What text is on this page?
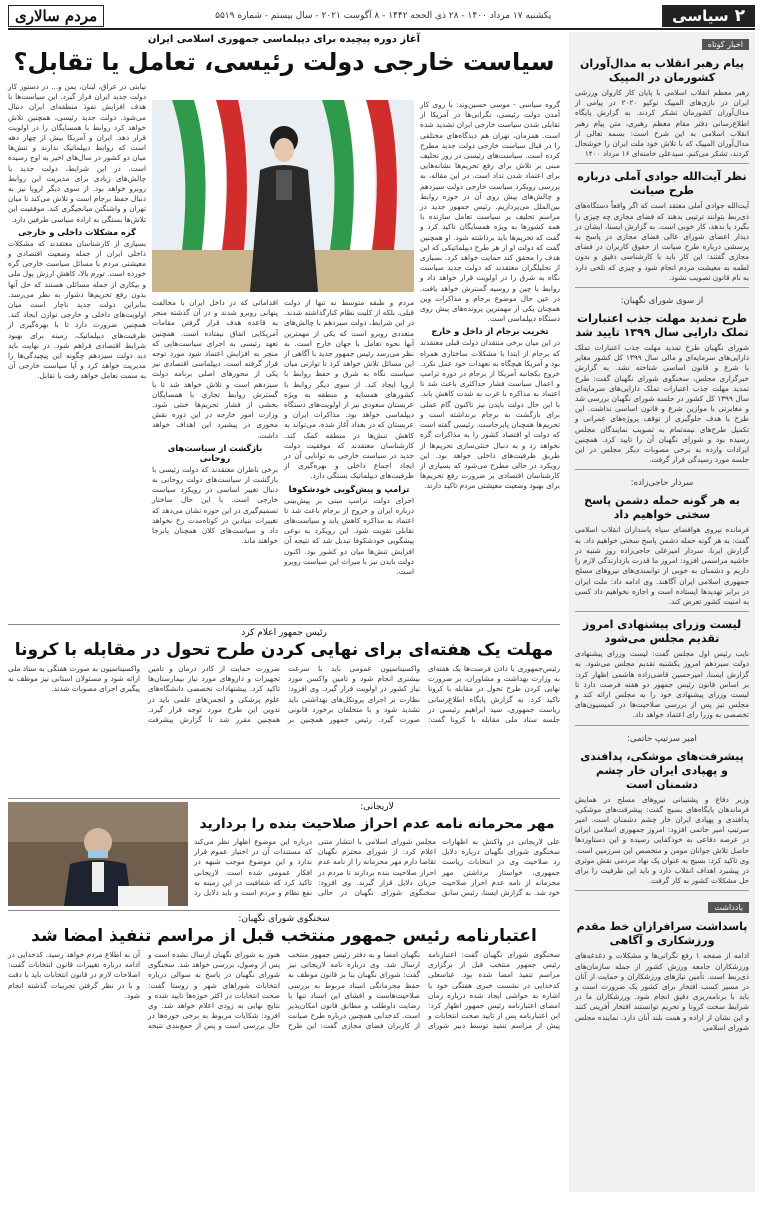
۲
سیاسی
یکشنبه ۱۷ مرداد ۱۴۰۰ - ۲۸ ذی الحجه ۱۴۴۲ - ۸ آگوست ۲۰۲۱ - سال بیستم - شماره ۵۵۱۹
مردم سالاری
اخبار کوتاه
پیام رهبر انقلاب به مدال‌آوران کشورمان در المپیک

رهبر معظم انقلاب اسلامی با پایان کار کاروان ورزشی ایران در بازی‌های المپیک توکیو ۲۰۲۰ در پیامی از مدال‌آوران کشورمان تشکر کردند. به گزارش پایگاه اطلاع‌رسانی دفتر مقام معظم رهبری، متن پیام رهبر انقلاب اسلامی به این شرح است: بسمه تعالی از مدال‌آوران المپیک که با تلاش خود ملت ایران را خوشحال کردند، تشکر می‌کنم. سیدعلی خامنه‌ای ۱۶ مرداد ۱۴۰۰

نظر آیت‌الله جوادی آملی درباره طرح صیانت

آیت‌الله جوادی آملی معتقد است که اگر واقعاً دستگاه‌های ذی‌ربط بتوانند ترتیبی بدهند که فضای مجازی چه چیزی را بگیرد یا ندهد، کار خوبی است. به گزارش ایسنا، ایشان در دیدار اعضای شورای عالی فضای مجازی در پاسخ به پرسشی درباره طرح صیانت از حقوق کاربران در فضای مجازی گفتند: این کار باید با کارشناسی دقیق و بدون لطمه به معیشت مردم انجام شود و چیزی که تلخی دارد به نام قانون تصویب نشود.

از سوی شورای نگهبان:
طرح تمدید مهلت جذب اعتبارات تملک دارایی سال ۱۳۹۹ تایید شد

شورای نگهبان طرح تمدید مهلت جذب اعتبارات تملک دارایی‌های سرمایه‌ای و مالی سال ۱۳۹۹ کل کشور مغایر با شرع و قانون اساسی شناخته نشد. به گزارش خبرگزاری مجلس، سخنگوی شورای نگهبان گفت: طرح تمدید مهلت جذب اعتبارات تملک دارایی‌های سرمایه‌ای سال ۱۳۹۹ کل کشور در جلسه شورای نگهبان بررسی شد و مغایرتی با موازین شرع و قانون اساسی نداشت. این طرح با هدف جلوگیری از توقف پروژه‌های عمرانی و تکمیل طرح‌های نیمه‌تمام به تصویب نمایندگان مجلس رسیده بود و شورای نگهبان آن را تایید کرد. همچنین ایرادات وارده به برخی مصوبات دیگر مجلس در این جلسه مورد رسیدگی قرار گرفت.

سردار حاجی‌زاده:
به هر گونه حمله دشمن پاسخ سختی خواهیم داد

فرمانده نیروی هوافضای سپاه پاسداران انقلاب اسلامی گفت: به هر گونه حمله دشمن پاسخ سختی خواهیم داد. به گزارش ایرنا، سردار امیرعلی حاجی‌زاده روز شنبه در حاشیه مراسمی افزود: امروز ما قدرت بازدارندگی لازم را داریم و دشمنان به خوبی از توانمندی‌های نیروهای مسلح جمهوری اسلامی ایران آگاهند. وی ادامه داد: ملت ایران در برابر تهدیدها ایستاده است و اجازه نخواهیم داد کسی به امنیت کشور تعرض کند.

لیست وزرای پیشنهادی امروز تقدیم مجلس می‌شود

نایب رئیس اول مجلس گفت: لیست وزرای پیشنهادی دولت سیزدهم امروز یکشنبه تقدیم مجلس می‌شود. به گزارش ایسنا، امیرحسین قاضی‌زاده هاشمی اظهار کرد: بر اساس قانون رئیس جمهور دو هفته فرصت دارد تا لیست وزرای پیشنهادی خود را به مجلس ارائه کند و مجلس نیز پس از بررسی صلاحیت‌ها در کمیسیون‌های تخصصی به وزرا رای اعتماد خواهد داد.

امیر سرتیپ حاتمی:
پیشرفت‌های موشکی، پدافندی و پهپادی ایران خار چشم دشمنان است

وزیر دفاع و پشتیبانی نیروهای مسلح در همایش فرماندهان پایگاه‌های بسیج گفت: پیشرفت‌های موشکی، پدافندی و پهپادی ایران خار چشم دشمنان است. امیر سرتیپ امیر حاتمی افزود: امروز جمهوری اسلامی ایران در عرصه دفاعی به خودکفایی رسیده و این دستاوردها حاصل تلاش جوانان مومن و متخصص این سرزمین است. وی تاکید کرد: بسیج به عنوان یک نهاد مردمی نقش موثری در پیشبرد اهداف انقلاب دارد و باید این ظرفیت را برای حل مشکلات کشور به کار گرفت.

یادداشت
پاسداشت سرافرازان خط مقدم ورزشکاری و آگاهی

ادامه از صفحه ۱ رفع نگرانی‌ها و مشکلات و دغدغه‌های ورزشکاران جامعه ورزش کشور از جمله سازمان‌های ذی‌ربط است. تأمین نیازهای ورزشکاران و حمایت از آنان در مسیر کسب افتخار برای کشور یک ضرورت است و باید با برنامه‌ریزی دقیق انجام شود. ورزشکاران ما در شرایط سخت کرونا و تحریم توانستند افتخار آفرینی کنند و این نشان از اراده و همت بلند آنان دارد. نماینده مجلس شورای اسلامی

آغاز دوره پیچیده برای دیپلماسی جمهوری اسلامی ایران
سیاست خارجی دولت رئیسی، تعامل یا تقابل؟

گروه سیاسی - موسی حسین‌وند: با روی کار آمدن دولت رئیسی، نگرانی‌ها در آمریکا از تقابلی شدن سیاست خارجی ایران تشدید شده است. همزمان، تهران هم دیدگاه‌های مختلفی را در قبال سیاست خارجی دولت جدید مطرح کرده است. سیاست‌های رئیسی در روز تحلیف مبنی بر تلاش برای رفع تحریم‌ها نشانه‌هایی برای اعتماد شدن تداد است. در این مقاله، به بررسی رویکرد سیاست خارجی دولت سیزدهم و چالش‌های پیش روی آن در حوزه روابط بین‌الملل می‌پردازیم. رئیس جمهور جدید در مراسم تحلیف بر سیاست تعامل سازنده با همه کشورها به ویژه همسایگان تاکید کرد و گفت که تحریم‌ها باید برداشته شود. او همچنین گفت که دولت او از هر طرح دیپلماتیکی که این هدف را محقق کند حمایت خواهد کرد. بسیاری از تحلیلگران معتقدند که دولت جدید سیاست نگاه به شرق را در اولویت قرار خواهد داد و روابط با چین و روسیه گسترش خواهد یافت. در عین حال موضوع برجام و مذاکرات وین همچنان یکی از مهمترین پرونده‌های پیش روی دستگاه دیپلماسی است.

تخریب برجام از داخل و خارج

در این میان برخی منتقدان دولت قبلی معتقدند که برجام از ابتدا با مشکلات ساختاری همراه بود و آمریکا هیچگاه به تعهدات خود عمل نکرد. خروج یکجانبه آمریکا از برجام در دوره ترامپ و اعمال سیاست فشار حداکثری باعث شد تا اعتماد به مذاکره با غرب به شدت کاهش یابد. با این حال دولت بایدن نیز تاکنون گام عملی برای بازگشت به برجام برنداشته است و تحریم‌ها همچنان پابرجاست. رئیسی گفته است که دولت او اقتصاد کشور را به مذاکرات گره نخواهد زد و به دنبال خنثی‌سازی تحریم‌ها از طریق ظرفیت‌های داخلی خواهد بود. این رویکرد در حالی مطرح می‌شود که بسیاری از کارشناسان اقتصادی بر ضرورت رفع تحریم‌ها برای بهبود وضعیت معیشتی مردم تاکید دارند.

مردم و طبقه متوسط نه تنها از دولت قبلی، بلکه از کلیت نظام کنارگذاشته شدند. در این شرایط، دولت سیزدهم با چالش‌های متعددی روبرو است که یکی از مهمترین آنها نحوه تعامل با جهان خارج است. به نظر می‌رسد رئیس جمهور جدید با آگاهی از این مسائل تلاش خواهد کرد تا توازنی میان سیاست نگاه به شرق و حفظ روابط با اروپا ایجاد کند. از سوی دیگر روابط با کشورهای همسایه و منطقه به ویژه عربستان سعودی نیز از اولویت‌های دستگاه دیپلماسی خواهد بود. مذاکرات ایران و عربستان که در بغداد آغاز شده، می‌تواند به کاهش تنش‌ها در منطقه کمک کند. کارشناسان معتقدند که موفقیت دولت جدید در سیاست خارجی به توانایی آن در ایجاد اجماع داخلی و بهره‌گیری از ظرفیت‌های دیپلماتیک بستگی دارد.

ترامپ و پیش‌گویی خودشکوفا

اجرای دولت ترامپ مبنی بر پیش‌بینی درباره ایران و خروج از برجام باعث شد تا اعتماد به مذاکره کاهش یابد و سیاست‌های تقابلی تقویت شود. این رویکرد به نوعی پیشگویی خودشکوفا تبدیل شد که نتیجه آن افزایش تنش‌ها میان دو کشور بود. اکنون دولت بایدن نیز با میراث این سیاست روبرو است.

اقداماتی که در داخل ایران با مخالفت پنهانی روبرو شدند و در آن گذشته منجر به قاعده هدف قرار گرفتن مقامات آمریکایی اتفاق نیفتاده است. همچنین تعهد رئیسی به اجرای سیاست‌هایی که منجر به افزایش اعتماد شود مورد توجه قرار گرفته است. دیپلماسی اقتصادی نیز یکی از محورهای اصلی برنامه دولت سیزدهم است و تلاش خواهد شد تا با گسترش روابط تجاری با همسایگان بخشی از فشار تحریم‌ها خنثی شود. وزارت امور خارجه در این دوره نقش محوری در پیشبرد این اهداف خواهد داشت.

بازگشت از سیاست‌های روحانی

برخی ناظران معتقدند که دولت رئیسی با بازگشت از سیاست‌های دولت روحانی به دنبال تغییر اساسی در رویکرد سیاست خارجی است. با این حال ساختار تصمیم‌گیری در این حوزه نشان می‌دهد که تغییرات بنیادین در کوتاه‌مدت رخ نخواهد داد و سیاست‌های کلان همچنان پابرجا خواهند ماند.

نیابتی در عراق، لبنان، یمن و... در دستور کار دولت جدید ایران قرار گیرد. این سیاست‌ها با هدف افزایش نفوذ منطقه‌ای ایران دنبال می‌شود. دولت جدید رئیسی، همچنین تلاش خواهد کرد روابط با همسایگان را در اولویت قرار دهد. ایران و آمریکا بیش از چهار دهه است که روابط دیپلماتیک ندارند و تنش‌ها میان دو کشور در سال‌های اخیر به اوج رسیده است. در این شرایط، دولت جدید با چالش‌های زیادی برای مدیریت این روابط روبرو خواهد بود. از سوی دیگر اروپا نیز به دنبال حفظ برجام است و تلاش می‌کند تا میان تهران و واشنگتن میانجیگری کند. موفقیت این تلاش‌ها بستگی به اراده سیاسی طرفین دارد.

گره مشکلات داخلی و خارجی

بسیاری از کارشناسان معتقدند که مشکلات داخلی ایران از جمله وضعیت اقتصادی و معیشتی مردم با مسائل سیاست خارجی گره خورده است. تورم بالا، کاهش ارزش پول ملی و بیکاری از جمله مسائلی هستند که حل آنها بدون رفع تحریم‌ها دشوار به نظر می‌رسد. بنابراین دولت جدید ناچار است میان اولویت‌های داخلی و خارجی توازن ایجاد کند. همچنین ضرورت دارد تا با بهره‌گیری از ظرفیت‌های دیپلماتیک، زمینه برای بهبود شرایط اقتصادی فراهم شود. در نهایت باید دید دولت سیزدهم چگونه این پیچیدگی‌ها را مدیریت خواهد کرد و آیا سیاست خارجی آن به سمت تعامل خواهد رفت یا تقابل.

رئیس جمهور اعلام کرد
مهلت یک هفته‌ای برای نهایی کردن طرح تحول در مقابله با کرونا

رئیس‌جمهوری با دادن فرصت‌ها یک هفته‌ای به وزارت بهداشت و مشاوران، بر ضرورت نهایی کردن طرح تحول در مقابله با کرونا تاکید کرد. به گزارش پایگاه اطلاع‌رسانی ریاست جمهوری، سید ابراهیم رئیسی در جلسه ستاد ملی مقابله با کرونا گفت: واکسیناسیون عمومی باید با سرعت بیشتری انجام شود و تامین واکسن مورد نیاز کشور در اولویت قرار گیرد. وی افزود: نظارت بر اجرای پروتکل‌های بهداشتی باید تشدید شود و با متخلفان برخورد قانونی صورت گیرد. رئیس جمهور همچنین بر ضرورت حمایت از کادر درمان و تامین تجهیزات و داروهای مورد نیاز بیمارستان‌ها تاکید کرد. پیشنهادات تخصصی دانشگاه‌های علوم پزشکی و انجمن‌های علمی باید در تدوین این طرح مورد توجه قرار گیرد. همچنین مقرر شد تا گزارش پیشرفت واکسیناسیون به صورت هفتگی به ستاد ملی ارائه شود و مسئولان استانی نیز موظف به پیگیری اجرای مصوبات شدند.

لاریجانی:
مهر محرمانه نامه عدم احراز صلاحیت بنده را بردارید

علی لاریجانی در واکنش به اظهارات سخنگوی شورای نگهبان درباره دلایل رد صلاحیت وی در انتخابات ریاست جمهوری، خواستار برداشتن مهر محرمانه از نامه عدم احراز صلاحیت خود شد. به گزارش ایسنا، رئیس سابق مجلس شورای اسلامی با انتشار متنی اعلام کرد: از شورای محترم نگهبان تقاضا دارم مهر محرمانه را از نامه عدم احراز صلاحیت بنده بردارند تا مردم در جریان دلایل قرار گیرند. وی افزود: سخنگوی شورای نگهبان در حالی درباره این موضوع اظهار نظر می‌کند که مستندات آن در اختیار عموم قرار ندارد و این موضوع موجب شبهه در افکار عمومی شده است. لاریجانی تاکید کرد که شفافیت در این زمینه به نفع نظام و مردم است و باید دلایل رد

سخنگوی شورای نگهبان:
اعتبارنامه رئیس جمهور منتخب قبل از مراسم تنفیذ امضا شد

سخنگوی شورای نگهبان گفت: اعتبارنامه رئیس جمهور منتخب قبل از برگزاری مراسم تنفیذ امضا شده بود. عباسعلی کدخدایی در نشست خبری هفتگی خود با اشاره به حواشی ایجاد شده درباره زمان امضای اعتبارنامه رئیس جمهور اظهار کرد: این اعتبارنامه پس از تایید صحت انتخابات و پیش از مراسم تنفیذ توسط دبیر شورای نگهبان امضا و به دفتر رئیس جمهور منتخب ارسال شد. وی درباره نامه لاریجانی نیز گفت: شورای نگهبان بنا بر قانون موظف به حفظ محرمانگی اسناد مربوط به بررسی صلاحیت‌هاست و افشای این اسناد تنها با رضایت داوطلب و مطابق قانون امکان‌پذیر است. کدخدایی همچنین درباره طرح صیانت از کاربران فضای مجازی گفت: این طرح هنوز به شورای نگهبان ارسال نشده است و پس از وصول، بررسی خواهد شد. سخنگوی شورای نگهبان در پاسخ به سوالی درباره انتخابات شوراهای شهر و روستا گفت: صحت انتخابات در اکثر حوزه‌ها تایید شده و نتایج نهایی به زودی اعلام خواهد شد. وی افزود: شکایات مربوط به برخی حوزه‌ها در حال بررسی است و پس از جمع‌بندی نتیجه آن به اطلاع مردم خواهد رسید. کدخدایی در ادامه درباره تغییرات قانون انتخابات گفت: اصلاحات لازم در قانون انتخابات باید با دقت و با در نظر گرفتن تجربیات گذشته انجام شود.
